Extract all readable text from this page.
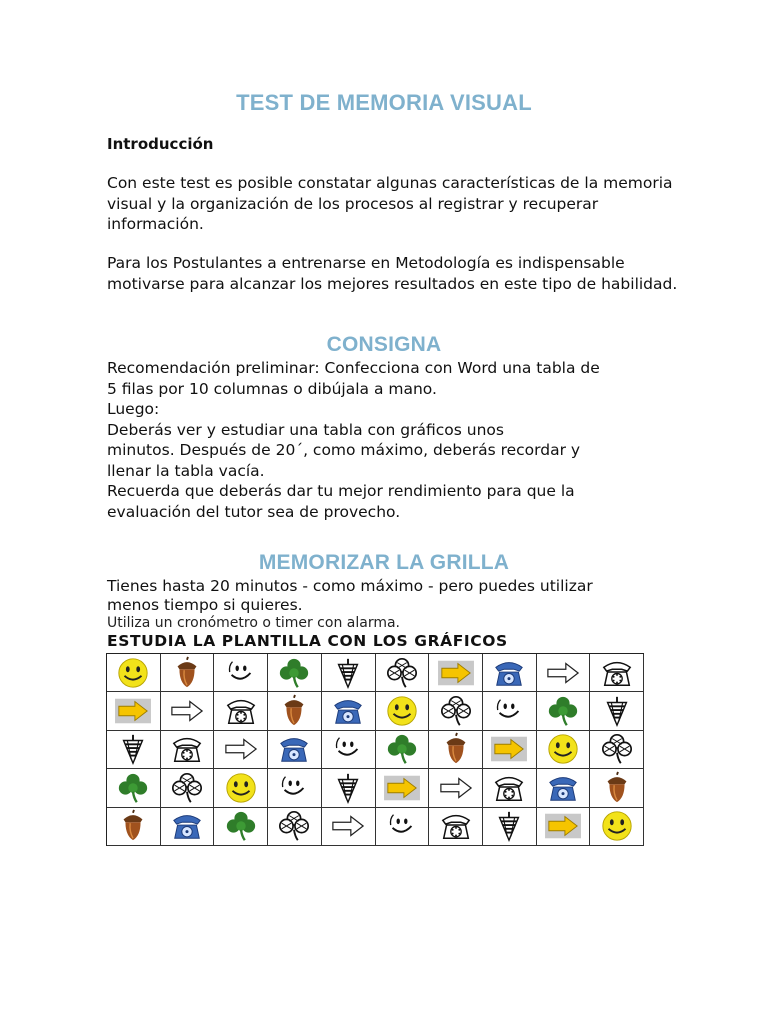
TEST DE MEMORIA VISUAL

Introducción

Con este test es posible constatar algunas características de la memoria visual y la organización de los procesos al registrar y recuperar información.

Para los Postulantes a entrenarse en Metodología es indispensable motivarse para alcanzar los mejores resultados en este tipo de habilidad.

CONSIGNA

Recomendación preliminar: Confecciona con Word una tabla de
5 filas por 10 columnas o dibújala a mano.
Luego:
Deberás ver y estudiar una tabla con gráficos unos
minutos. Después de 20´, como máximo, deberás recordar y
llenar la tabla vacía.
Recuerda que deberás dar tu mejor rendimiento para que la
evaluación del tutor sea de provecho.

MEMORIZAR LA GRILLA

Tienes hasta 20 minutos - como máximo - pero puedes utilizar
menos tiempo si quieres.

Utiliza un cronómetro o timer con alarma.

ESTUDIA LA PLANTILLA CON LOS GRÁFICOS
